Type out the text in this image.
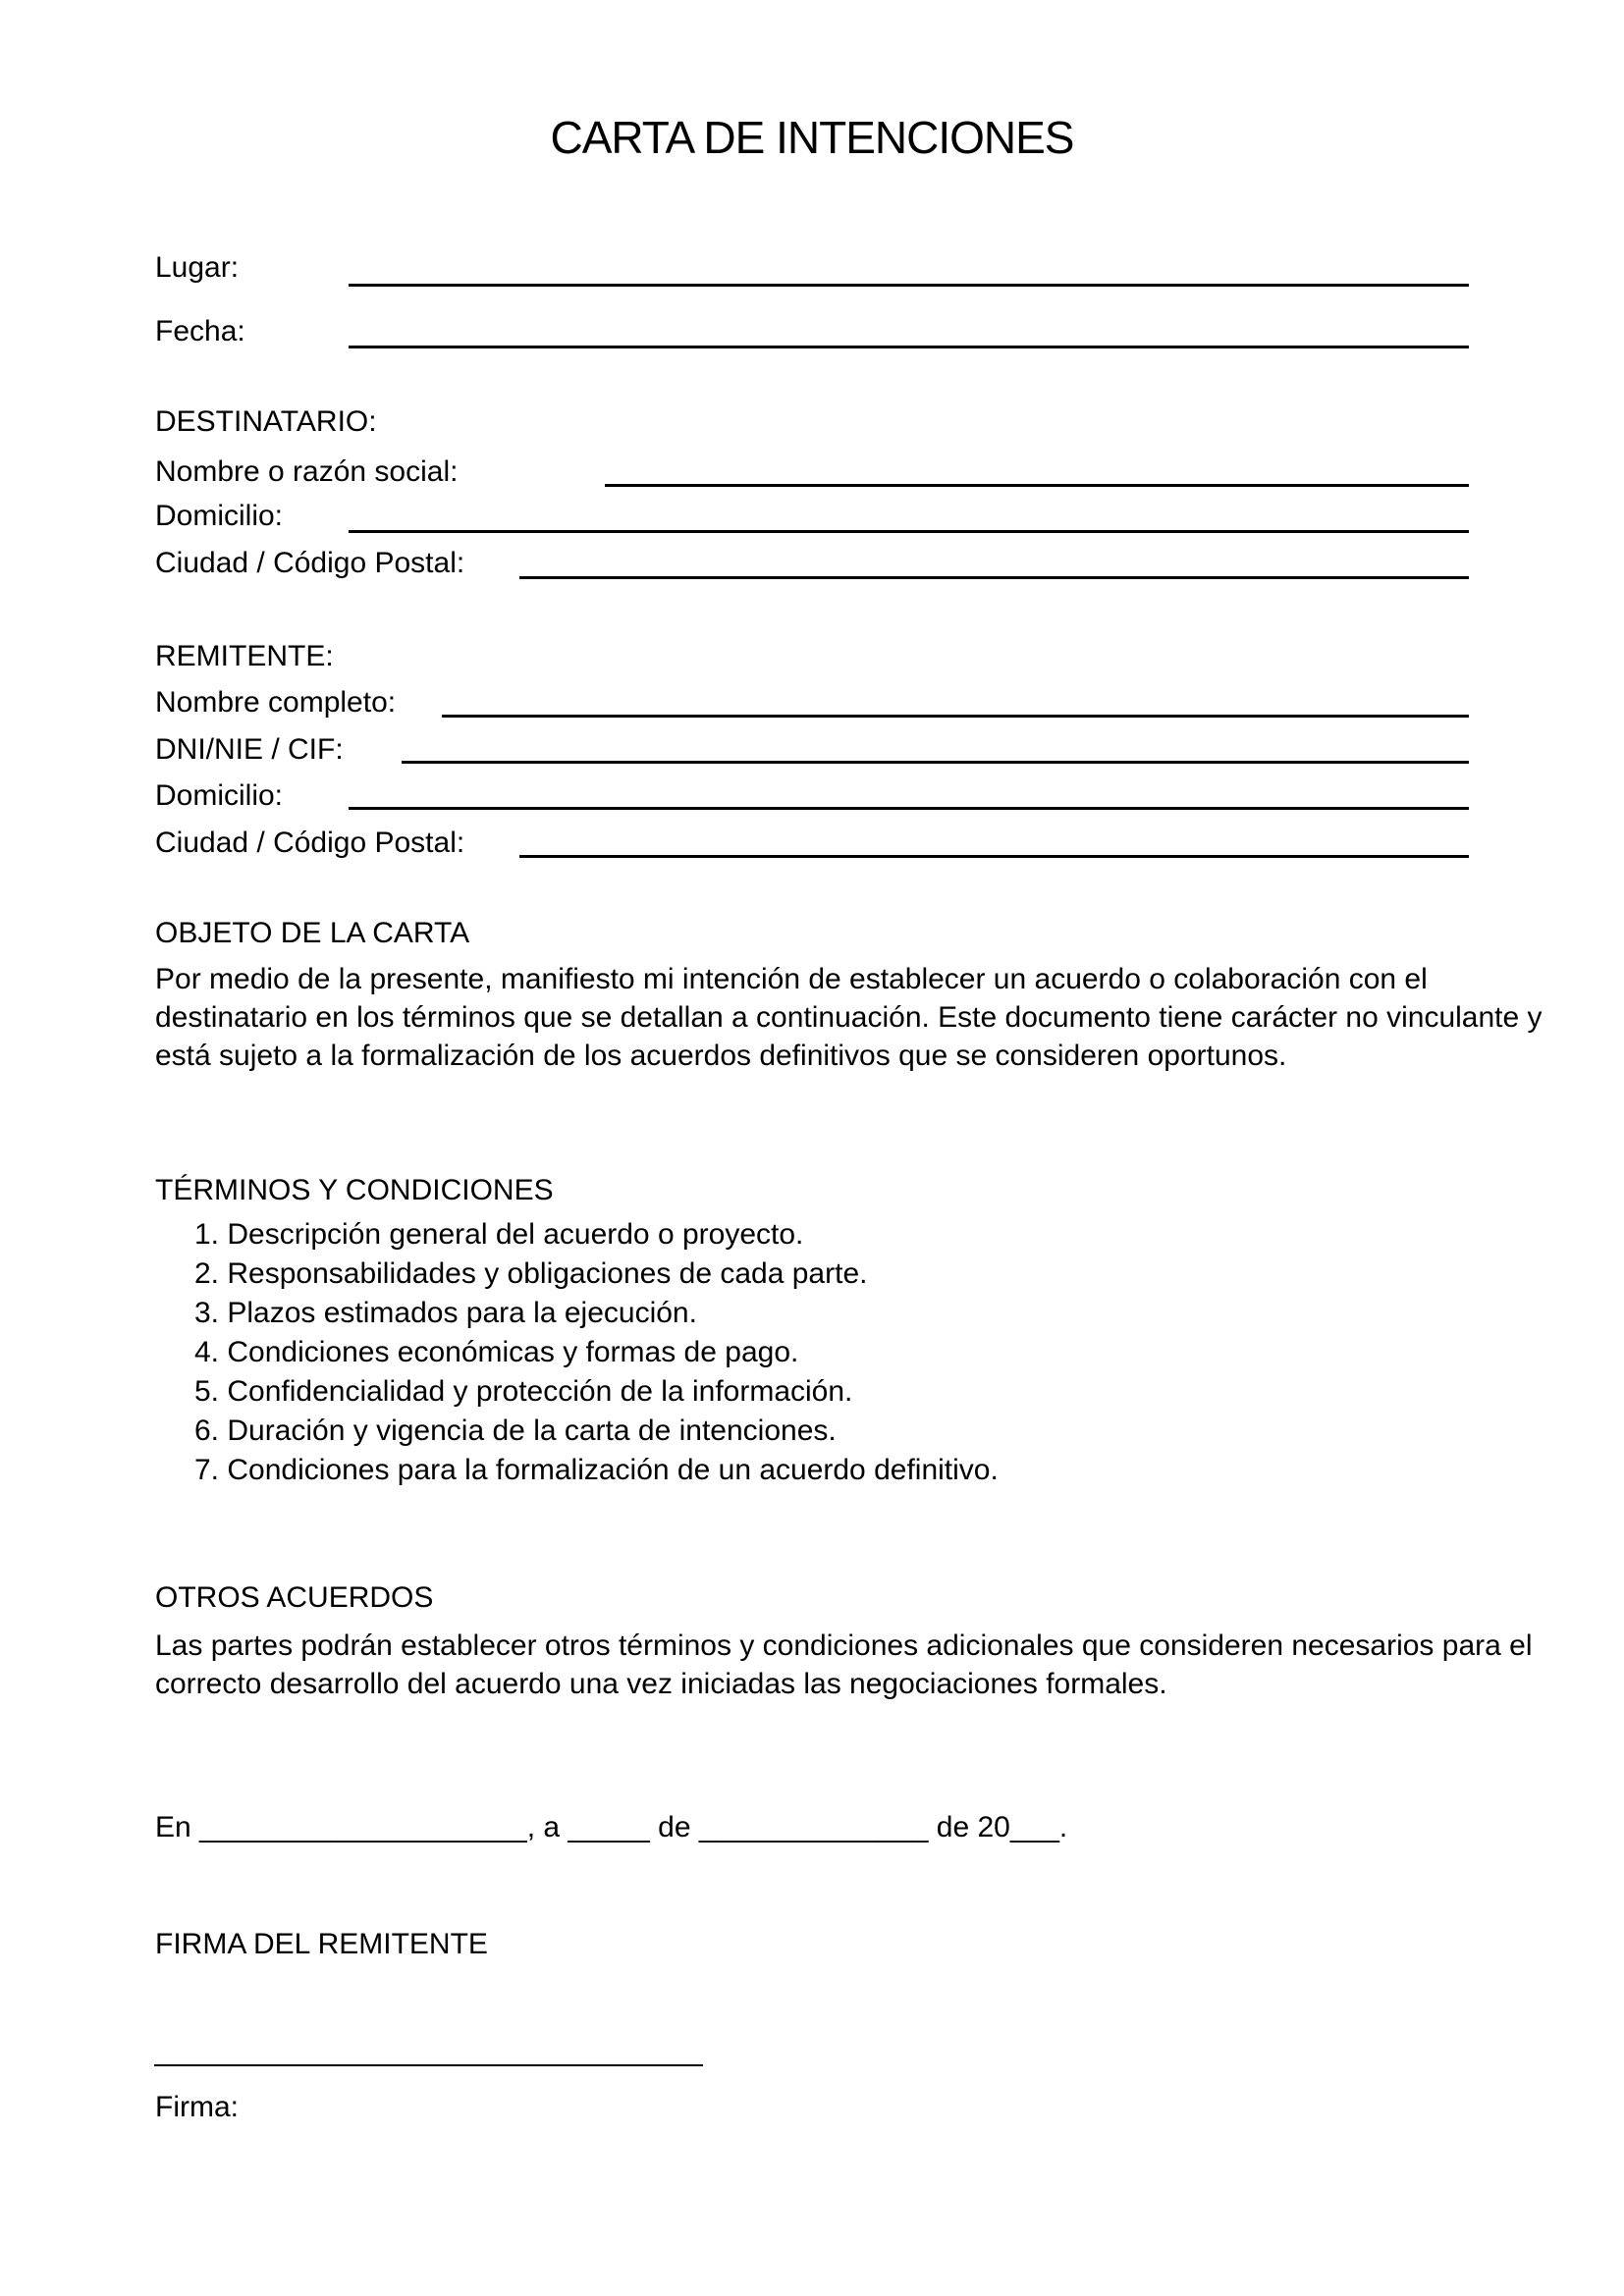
CARTA DE INTENCIONES
Lugar:
Fecha:
DESTINATARIO:
Nombre o razón social:
Domicilio:
Ciudad / Código Postal:
REMITENTE:
Nombre completo:
DNI/NIE / CIF:
Domicilio:
Ciudad / Código Postal:
OBJETO DE LA CARTA
Por medio de la presente, manifiesto mi intención de establecer un acuerdo o colaboración con el
destinatario en los términos que se detallan a continuación. Este documento tiene carácter no vinculante y
está sujeto a la formalización de los acuerdos definitivos que se consideren oportunos.
TÉRMINOS Y CONDICIONES
1. Descripción general del acuerdo o proyecto.
2. Responsabilidades y obligaciones de cada parte.
3. Plazos estimados para la ejecución.
4. Condiciones económicas y formas de pago.
5. Confidencialidad y protección de la información.
6. Duración y vigencia de la carta de intenciones.
7. Condiciones para la formalización de un acuerdo definitivo.
OTROS ACUERDOS
Las partes podrán establecer otros términos y condiciones adicionales que consideren necesarios para el
correcto desarrollo del acuerdo una vez iniciadas las negociaciones formales.
En ____________________, a _____ de ______________ de 20___.
FIRMA DEL REMITENTE
Firma:
